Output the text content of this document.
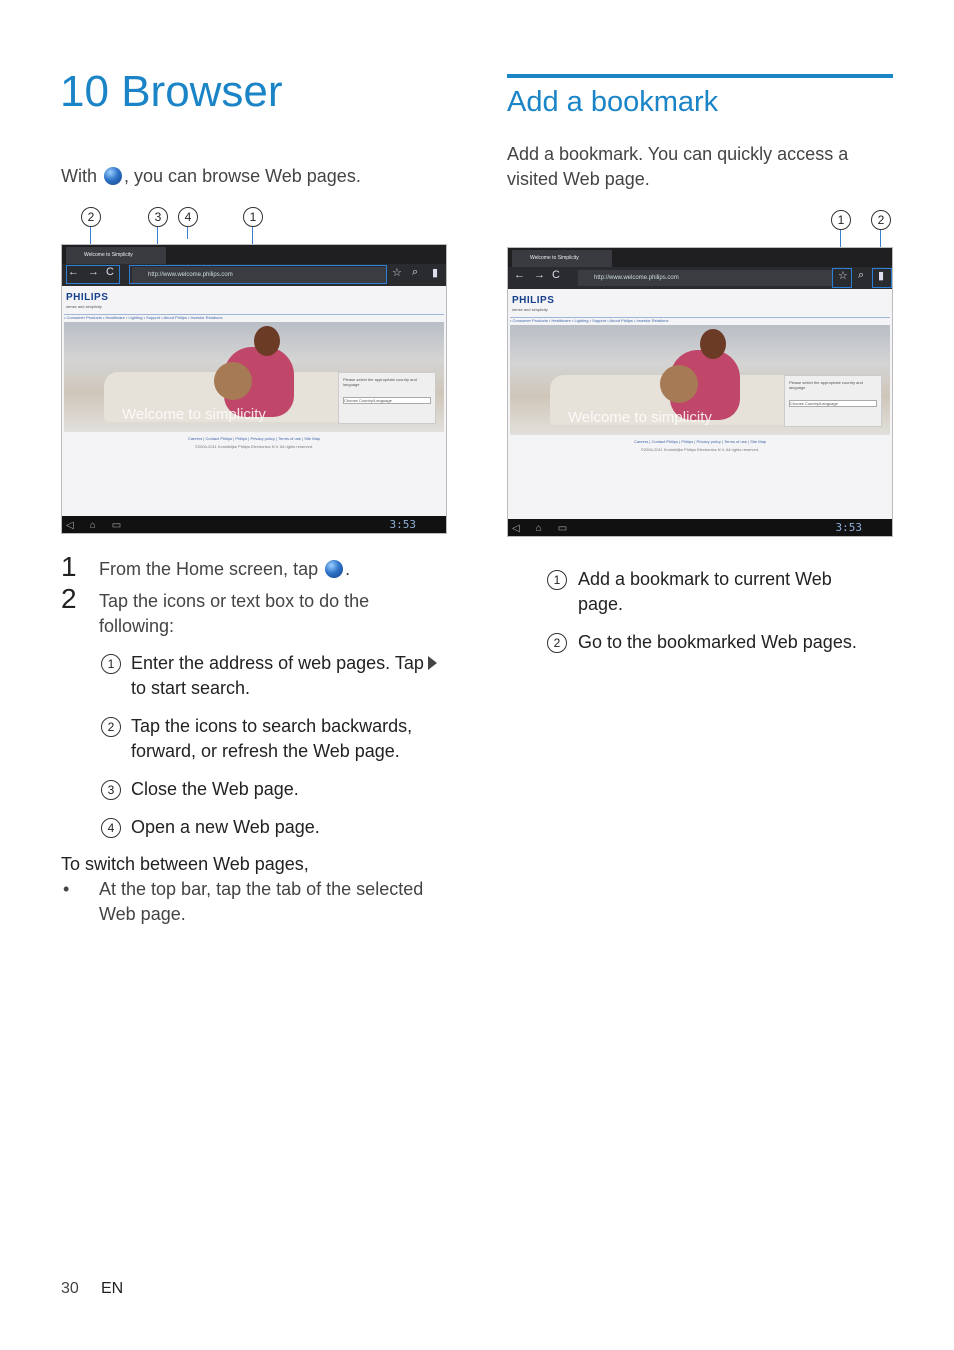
10 Browser
With , you can browse Web pages.
2	3	4	1
Welcome to Simplicity
← → C	http://www.welcome.philips.com	☆ ⌕ ▮
PHILIPS
sense and simplicity
• Consumer Products • Healthcare • Lighting • Support • About Philips • Investor Relations
Welcome to simplicity
Please select the appropriate country and language
Choose Country/Language
Careers | Contact Philips | Philips | Privacy policy | Terms of use | Site Map
©2004-2011 Koninklijke Philips Electronics N.V. All rights reserved.
◁⌂▭	3:53
1 From the Home screen, tap .
2 Tap the icons or text box to do the following:
1 Enter the address of web pages. Tap
to start search.
2 Tap the icons to search backwards, forward, or refresh the Web page.
3 Close the Web page.
4 Open a new Web page.
To switch between Web pages,
• At the top bar, tap the tab of the selected Web page.
Add a bookmark
Add a bookmark. You can quickly access a visited Web page.
1	2
Welcome to Simplicity
← → C	http://www.welcome.philips.com	☆ ⌕ ▮
PHILIPS
sense and simplicity
• Consumer Products • Healthcare • Lighting • Support • About Philips • Investor Relations
Welcome to simplicity
Please select the appropriate country and language
Choose Country/Language
Careers | Contact Philips | Philips | Privacy policy | Terms of use | Site Map
©2004-2011 Koninklijke Philips Electronics N.V. All rights reserved.
◁⌂▭	3:53
1 Add a bookmark to current Web page.
2 Go to the bookmarked Web pages.
30 EN
